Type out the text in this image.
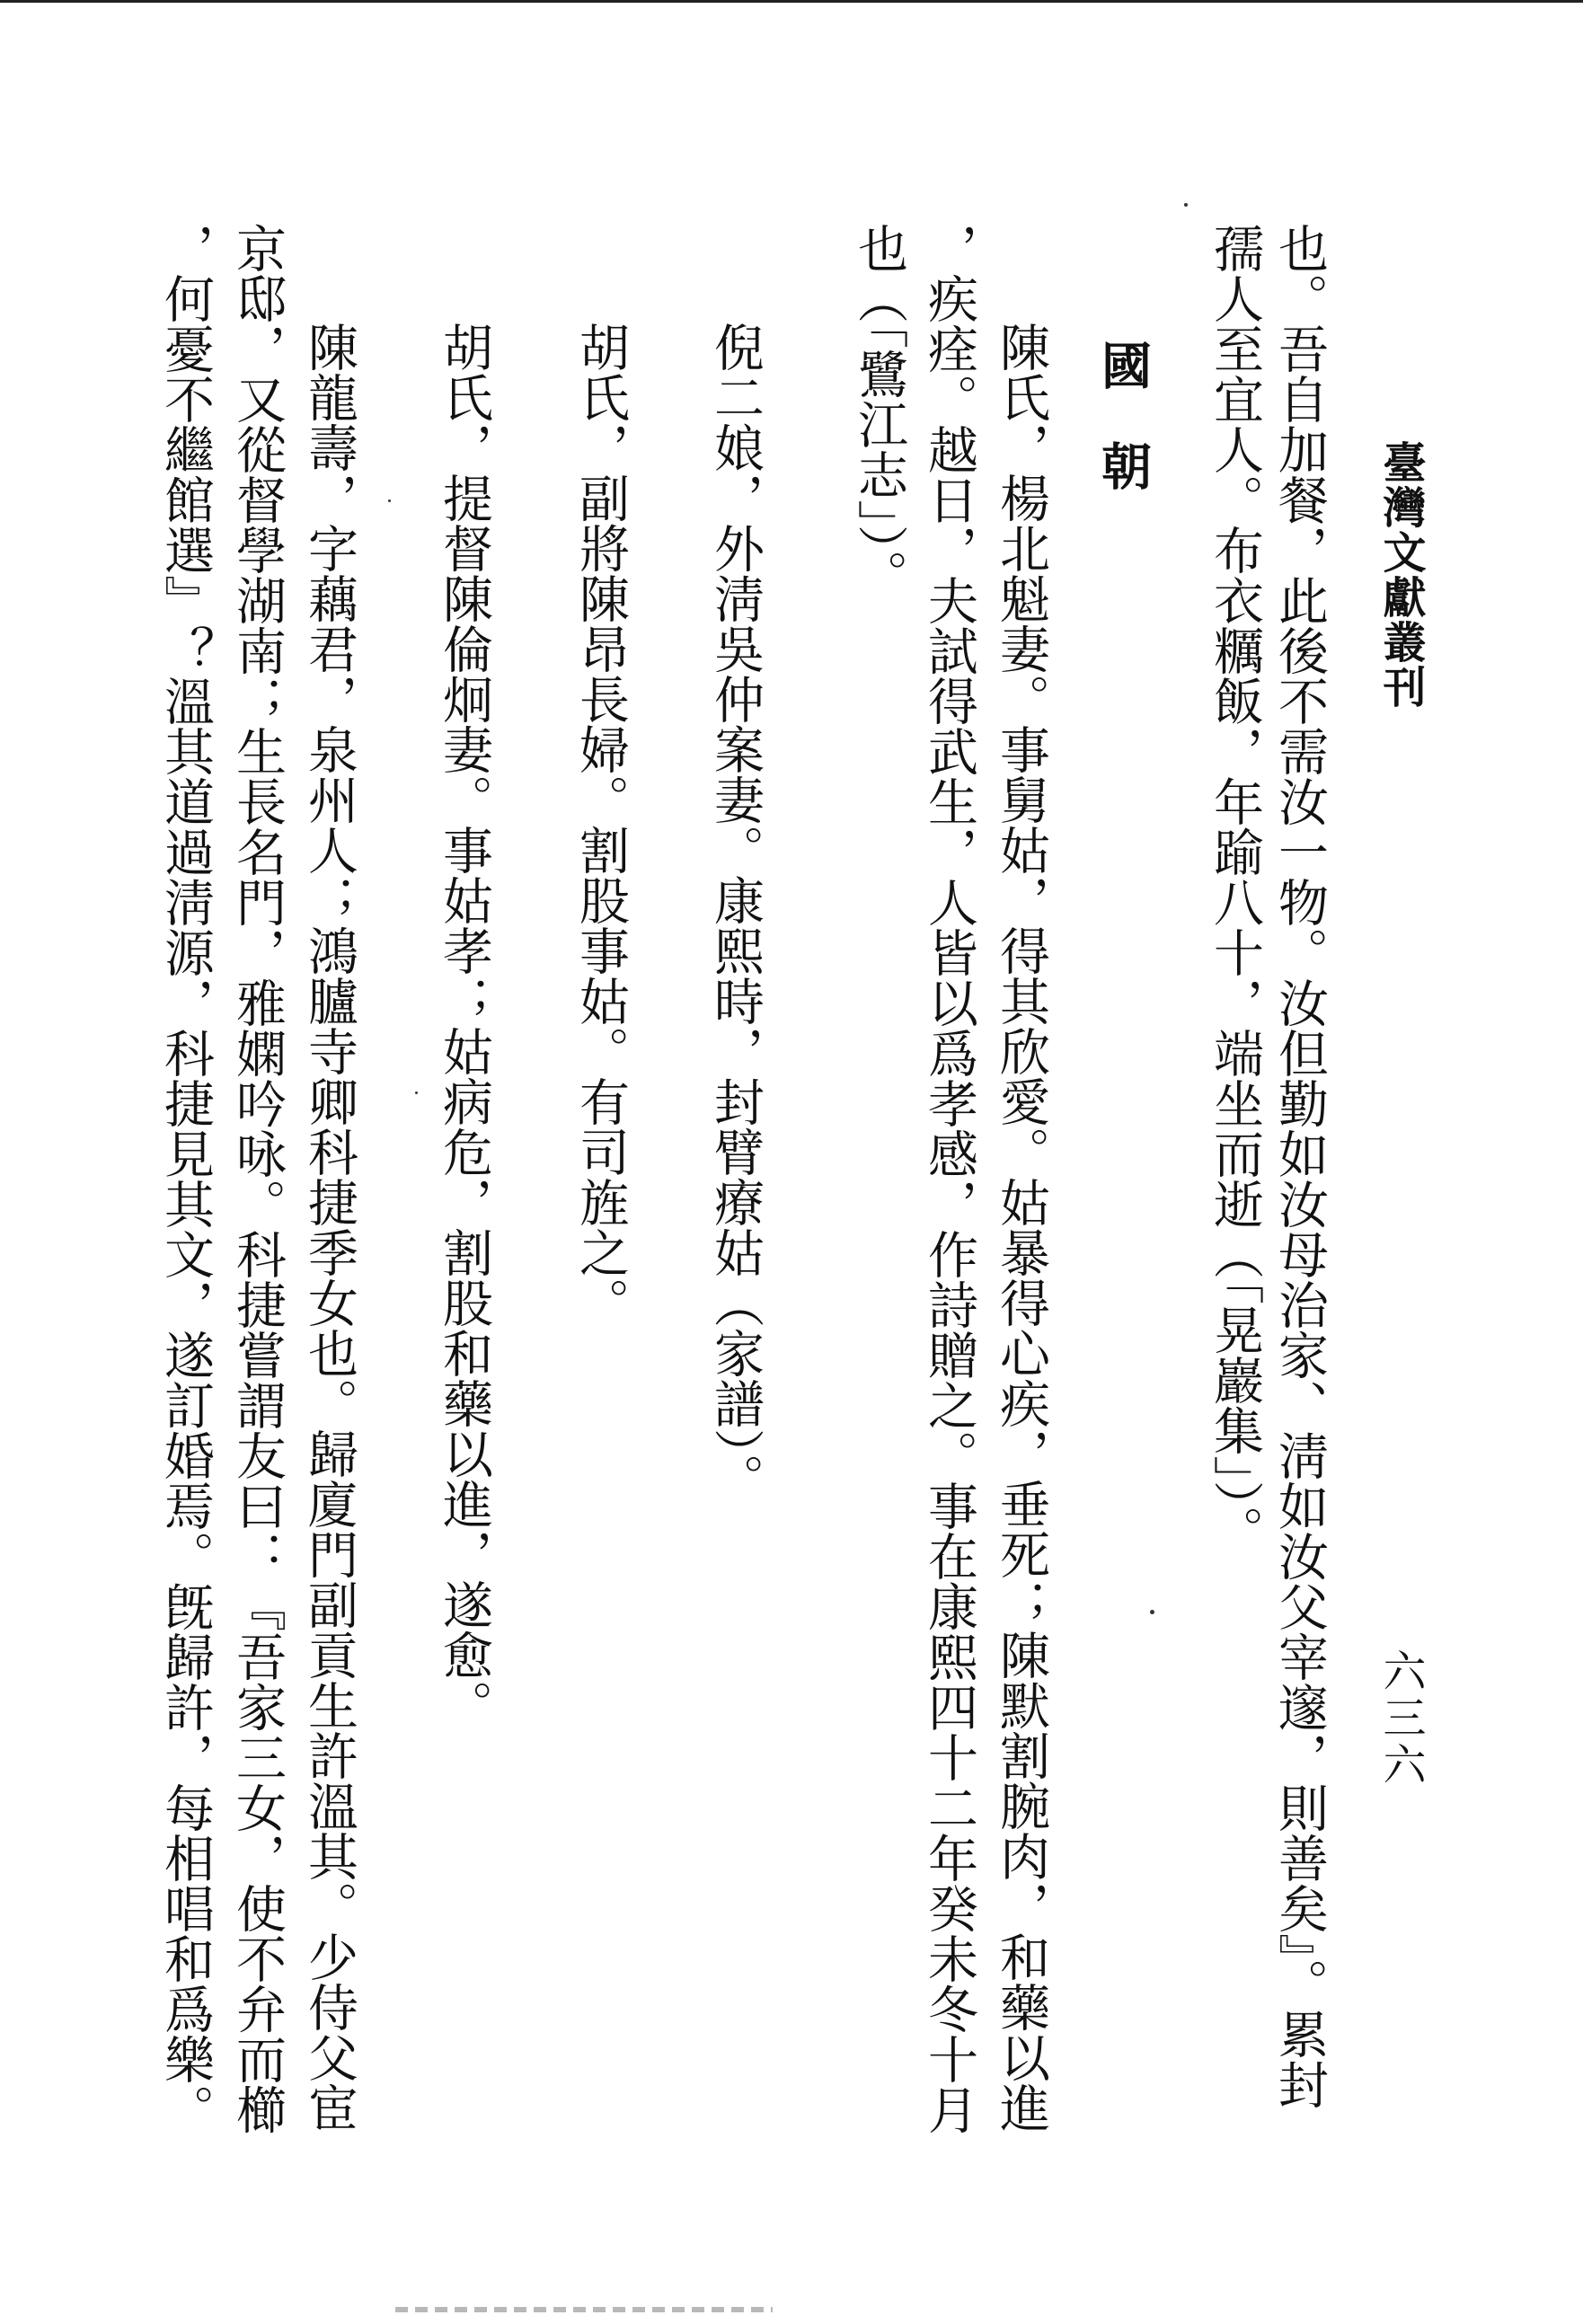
臺灣文獻叢刊
六三六
也。吾自加餐，此後不需汝一物。汝但勤如汝母治家、淸如汝父宰邃，則善矣』。累封
孺人至宜人。布衣糲飯，年踰八十，端坐而逝（「晃巖集」）。
國　朝
陳氏，楊北魁妻。事舅姑，得其欣愛。姑暴得心疾，垂死；陳默割腕肉，和藥以進
，疾痊。越日，夫試得武生，人皆以爲孝感，作詩贈之。事在康熙四十二年癸未冬十月
也（「鷺江志」）。
倪二娘，外淸吳仲案妻。康熙時，封臂療姑（家譜）。
胡氏，副將陳昂長婦。割股事姑。有司旌之。
胡氏，提督陳倫炯妻。事姑孝；姑病危，割股和藥以進，遂愈。
陳龍壽，字藕君，泉州人；鴻臚寺卿科捷季女也。歸廈門副貢生許溫其。少侍父宦
京邸，又從督學湖南；生長名門，雅嫻吟咏。科捷嘗謂友曰：『吾家三女，使不弁而櫛
，何憂不繼館選』？溫其道過淸源，科捷見其文，遂訂婚焉。旣歸許，每相唱和爲樂。
